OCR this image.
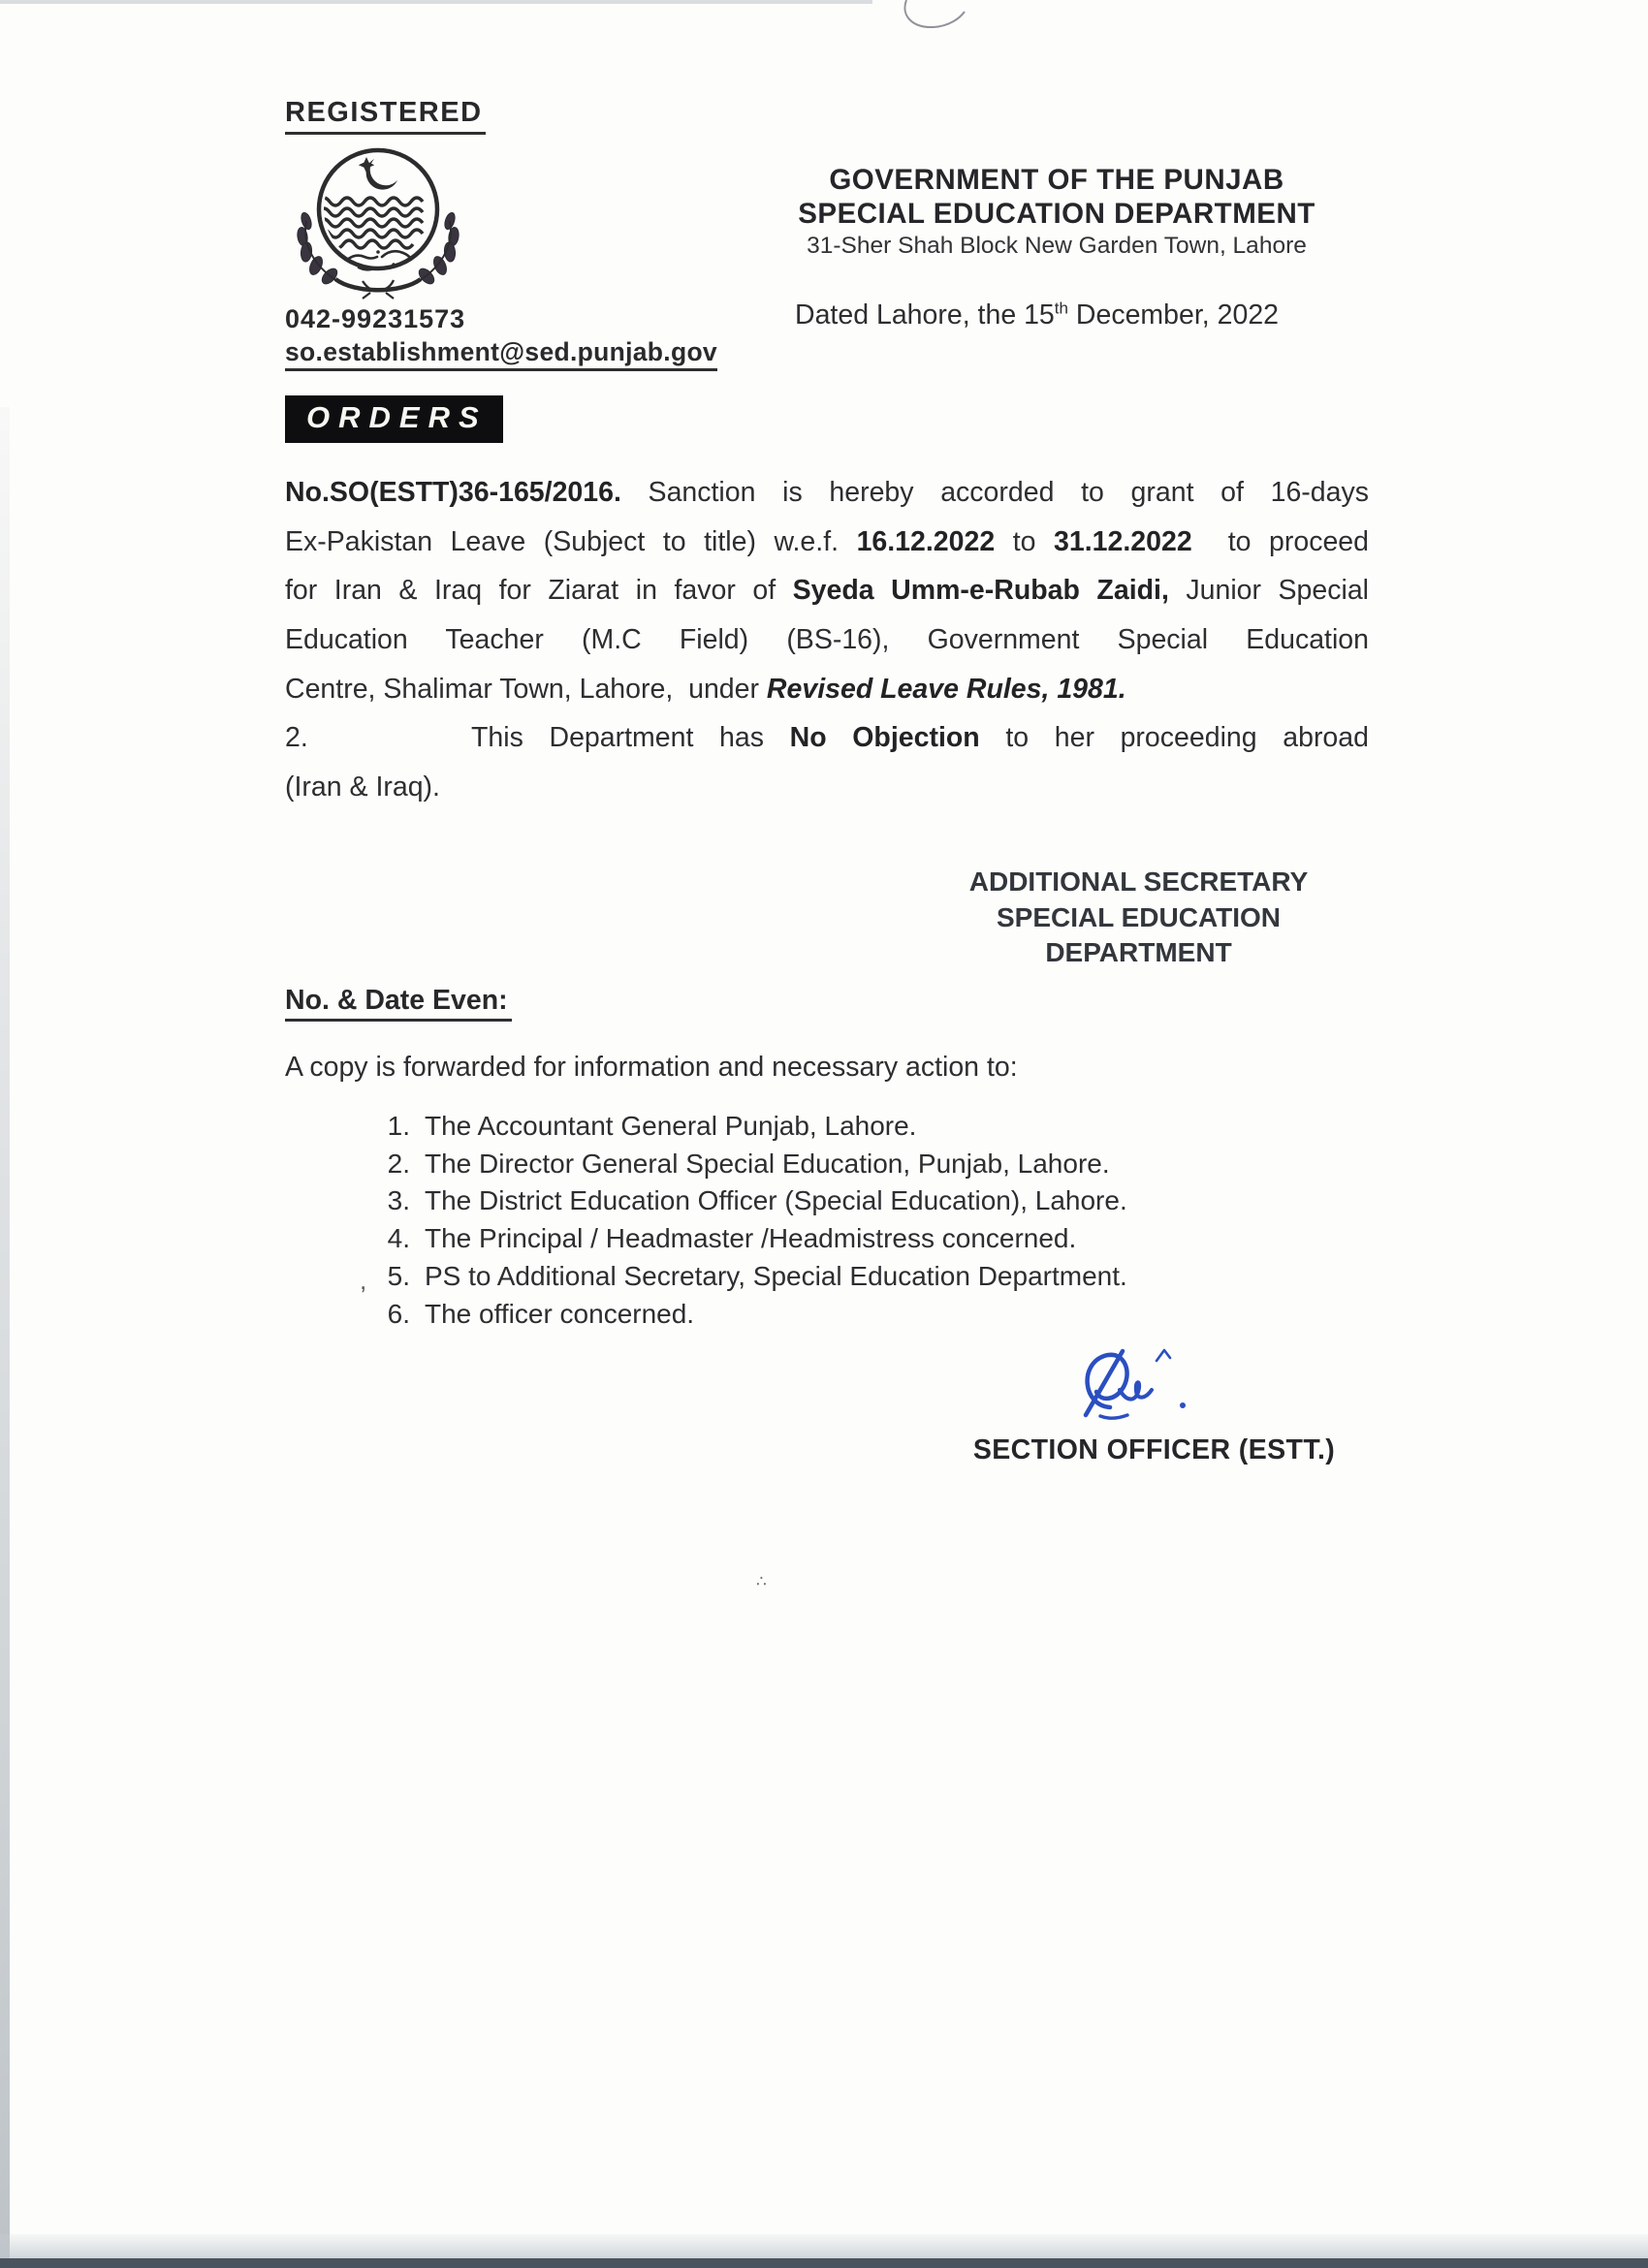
REGISTERED
042-99231573
so.establishment@sed.punjab.gov
GOVERNMENT OF THE PUNJAB
SPECIAL EDUCATION DEPARTMENT
31-Sher Shah Block New Garden Town, Lahore
Dated Lahore, the 15th December, 2022
ORDERS
No.SO(ESTT)36-165/2016. Sanction is hereby accorded to grant of 16-days
Ex-Pakistan Leave (Subject to title) w.e.f. 16.12.2022 to 31.12.2022  to proceed
for Iran & Iraq for Ziarat in favor of Syeda Umm-e-Rubab Zaidi, Junior Special
Education Teacher (M.C Field) (BS-16), Government Special Education
Centre, Shalimar Town, Lahore,  under Revised Leave Rules, 1981.
2.	This Department has No Objection to her proceeding abroad
(Iran & Iraq).
ADDITIONAL SECRETARY
SPECIAL EDUCATION
DEPARTMENT
No. & Date Even:
A copy is forwarded for information and necessary action to:
1. The Accountant General Punjab, Lahore.
2. The Director General Special Education, Punjab, Lahore.
3. The District Education Officer (Special Education), Lahore.
4. The Principal / Headmaster /Headmistress concerned.
5. PS to Additional Secretary, Special Education Department.
6. The officer concerned.
,
∴
SECTION OFFICER (ESTT.)
